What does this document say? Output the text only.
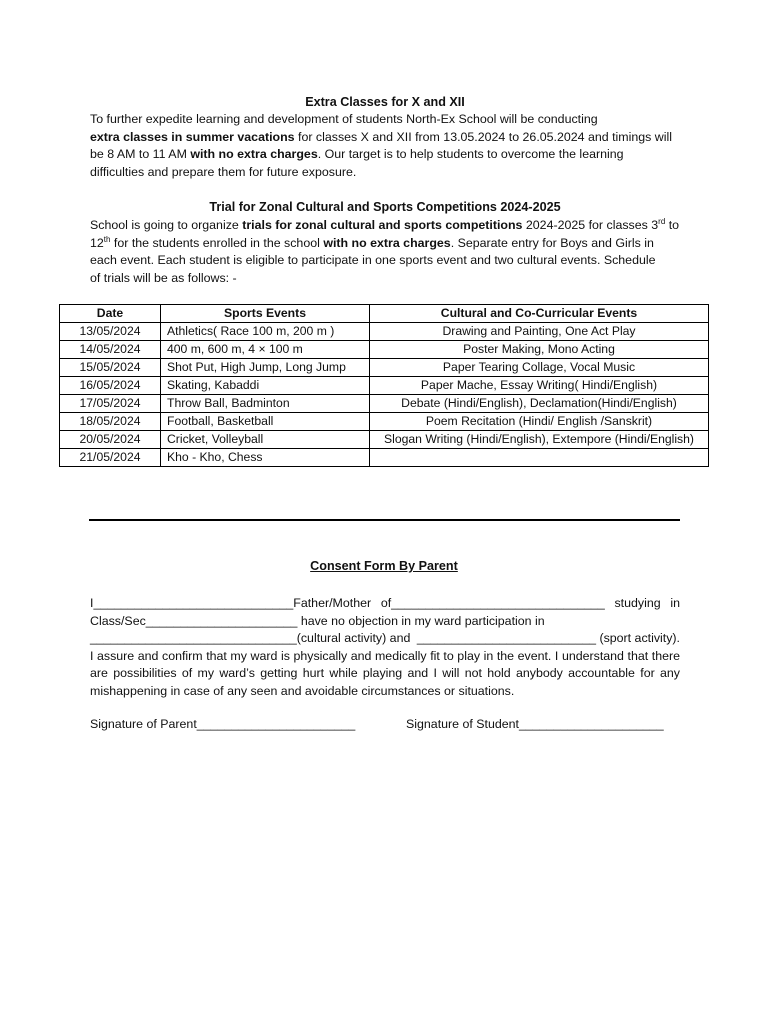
Extra Classes for X and XII
To further expedite learning and development of students North-Ex School will be conducting
extra classes in summer vacations for classes X and XII from 13.05.2024 to 26.05.2024 and timings will
be 8 AM to 11 AM with no extra charges. Our target is to help students to overcome the learning
difficulties and prepare them for future exposure.
Trial for Zonal Cultural and Sports Competitions 2024-2025
School is going to organize trials for zonal cultural and sports competitions 2024-2025 for classes 3rd to
12th for the students enrolled in the school with no extra charges. Separate entry for Boys and Girls in
each event. Each student is eligible to participate in one sports event and two cultural events. Schedule
of trials will be as follows: -
Date	Sports Events	Cultural and Co-Curricular Events
13/05/2024	Athletics( Race 100 m, 200 m )	Drawing and Painting, One Act Play
14/05/2024	400 m, 600 m, 4 × 100 m	Poster Making, Mono Acting
15/05/2024	Shot Put, High Jump, Long Jump	Paper Tearing Collage, Vocal Music
16/05/2024	Skating, Kabaddi	Paper Mache, Essay Writing( Hindi/English)
17/05/2024	Throw Ball, Badminton	Debate (Hindi/English), Declamation(Hindi/English)
18/05/2024	Football, Basketball	Poem Recitation (Hindi/ English /Sanskrit)
20/05/2024	Cricket, Volleyball	Slogan Writing (Hindi/English), Extempore (Hindi/English)
21/05/2024	Kho - Kho, Chess	
Consent Form By Parent
I_____________________________Father/Mother of_______________________________ studying in
Class/Sec______________________ have no objection in my ward participation in
______________________________(cultural activity) and __________________________ (sport activity).
I assure and confirm that my ward is physically and medically fit to play in the event. I understand that there are possibilities of my ward’s getting hurt while playing and I will not hold anybody accountable for any mishappening in case of any seen and avoidable circumstances or situations.
Signature of Parent_______________________	Signature of Student_____________________
